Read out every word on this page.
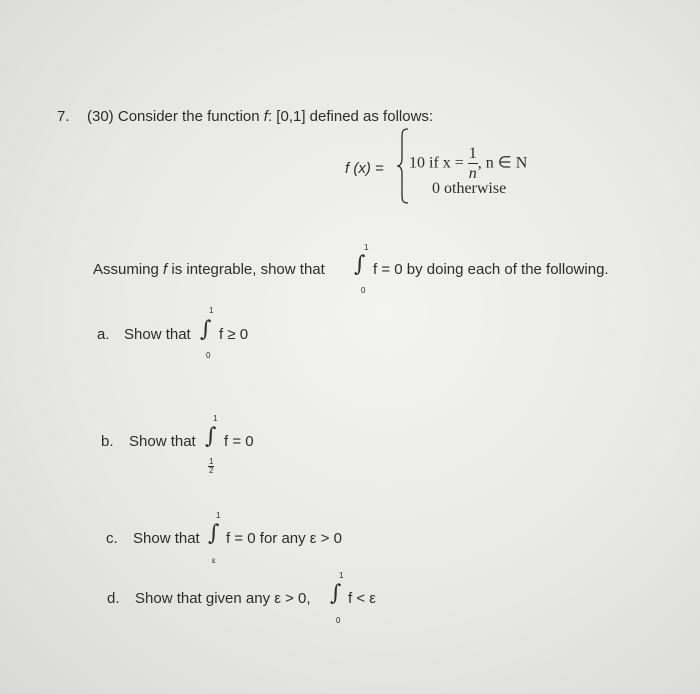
7. (30) Consider the function f: [0,1] defined as follows:
f (x) = 10 if $x = \frac{1}{n}$ , n ∈ N
0 otherwise
Assuming f is integrable, show that ∫
1
0
f = 0 by doing each of the following.
a. Show that ∫
1
0
f ≥ 0
b. Show that ∫
1
$\frac{1}{2}$
f = 0
c. Show that ∫
1
ε
f = 0 for any ε > 0
d. Show that given any ε > 0, ∫
1
0
f < ε
